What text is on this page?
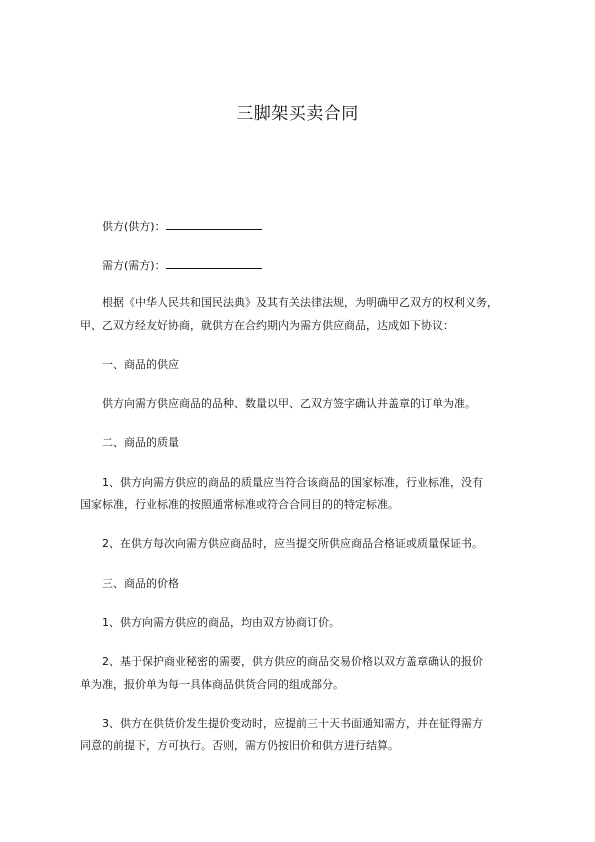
三脚架买卖合同
供方(供方)：
需方(需方)：
根据《中华人民共和国民法典》及其有关法律法规，为明确甲乙双方的权利义务，
甲、乙双方经友好协商，就供方在合约期内为需方供应商品，达成如下协议：
一、商品的供应
供方向需方供应商品的品种、数量以甲、乙双方签字确认并盖章的订单为准。
二、商品的质量
1、供方向需方供应的商品的质量应当符合该商品的国家标准，行业标准，没有
国家标准，行业标准的按照通常标准或符合合同目的的特定标准。
2、在供方每次向需方供应商品时，应当提交所供应商品合格证或质量保证书。
三、商品的价格
1、供方向需方供应的商品，均由双方协商订价。
2、基于保护商业秘密的需要，供方供应的商品交易价格以双方盖章确认的报价
单为准，报价单为每一具体商品供货合同的组成部分。
3、供方在供货价发生提价变动时，应提前三十天书面通知需方，并在征得需方
同意的前提下，方可执行。否则，需方仍按旧价和供方进行结算。
